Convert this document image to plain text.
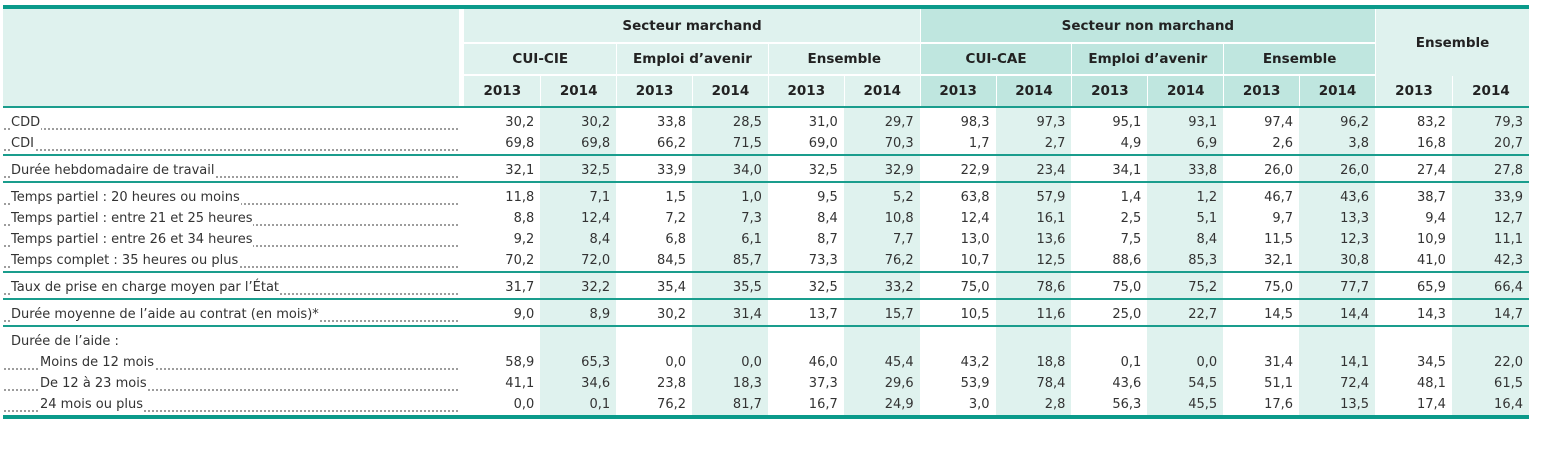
		Secteur marchand						Secteur non marchand						Ensemble	
		CUI-CIE		Emploi d’avenir		Ensemble		CUI-CAE		Emploi d’avenir		Ensemble			
		2013	2014	2013	2014	2013	2014	2013	2014	2013	2014	2013	2014	2013	2014

CDD		30,2	30,2	33,8	28,5	31,0	29,7	98,3	97,3	95,1	93,1	97,4	96,2	83,2	79,3
CDI		69,8	69,8	66,2	71,5	69,0	70,3	1,7	2,7	4,9	6,9	2,6	3,8	16,8	20,7

Durée hebdomadaire de travail		32,1	32,5	33,9	34,0	32,5	32,9	22,9	23,4	34,1	33,8	26,0	26,0	27,4	27,8

Temps partiel : 20 heures ou moins		11,8	7,1	1,5	1,0	9,5	5,2	63,8	57,9	1,4	1,2	46,7	43,6	38,7	33,9
Temps partiel : entre 21 et 25 heures		8,8	12,4	7,2	7,3	8,4	10,8	12,4	16,1	2,5	5,1	9,7	13,3	9,4	12,7
Temps partiel : entre 26 et 34 heures		9,2	8,4	6,8	6,1	8,7	7,7	13,0	13,6	7,5	8,4	11,5	12,3	10,9	11,1
Temps complet : 35 heures ou plus		70,2	72,0	84,5	85,7	73,3	76,2	10,7	12,5	88,6	85,3	32,1	30,8	41,0	42,3

Taux de prise en charge moyen par l’État		31,7	32,2	35,4	35,5	32,5	33,2	75,0	78,6	75,0	75,2	75,0	77,7	65,9	66,4

Durée moyenne de l’aide au contrat (en mois)*		9,0	8,9	30,2	31,4	13,7	15,7	10,5	11,6	25,0	22,7	14,5	14,4	14,3	14,7

Durée de l’aide :															
Moins de 12 mois		58,9	65,3	0,0	0,0	46,0	45,4	43,2	18,8	0,1	0,0	31,4	14,1	34,5	22,0
De 12 à 23 mois		41,1	34,6	23,8	18,3	37,3	29,6	53,9	78,4	43,6	54,5	51,1	72,4	48,1	61,5
24 mois ou plus		0,0	0,1	76,2	81,7	16,7	24,9	3,0	2,8	56,3	45,5	17,6	13,5	17,4	16,4
